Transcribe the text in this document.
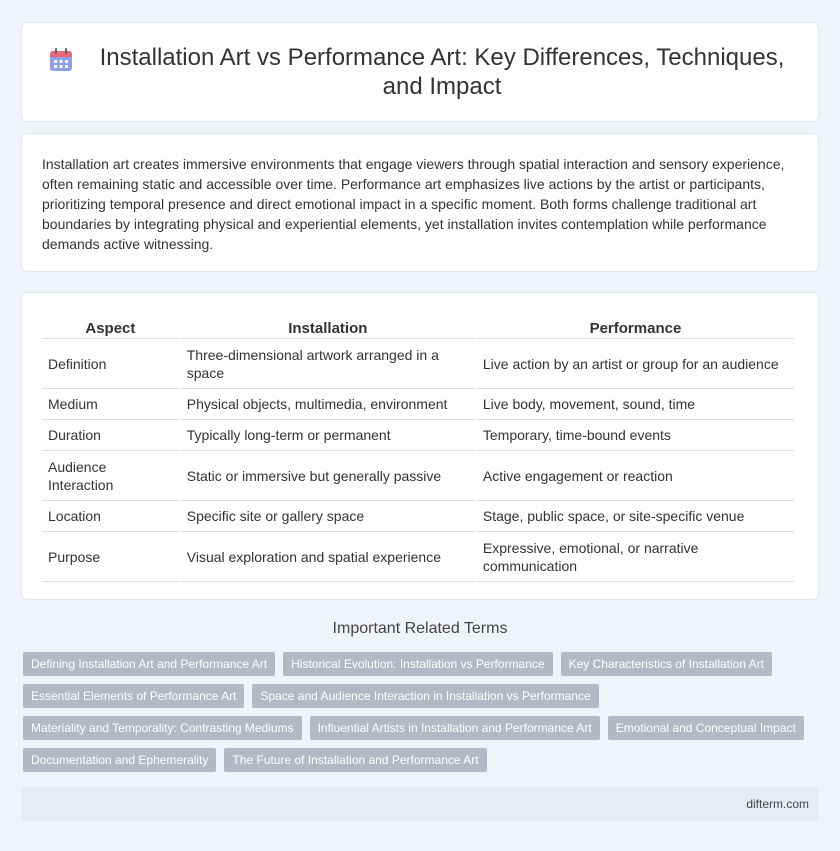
Installation Art vs Performance Art: Key Differences, Techniques, and Impact

Installation art creates immersive environments that engage viewers through spatial interaction and sensory experience, often remaining static and accessible over time. Performance art emphasizes live actions by the artist or participants, prioritizing temporal presence and direct emotional impact in a specific moment. Both forms challenge traditional art boundaries by integrating physical and experiential elements, yet installation invites contemplation while performance demands active witnessing.

Aspect	Installation	Performance
Definition	Three-dimensional artwork arranged in a space	Live action by an artist or group for an audience
Medium	Physical objects, multimedia, environment	Live body, movement, sound, time
Duration	Typically long-term or permanent	Temporary, time-bound events
Audience Interaction	Static or immersive but generally passive	Active engagement or reaction
Location	Specific site or gallery space	Stage, public space, or site-specific venue
Purpose	Visual exploration and spatial experience	Expressive, emotional, or narrative communication
Important Related Terms
Defining Installation Art and Performance Art	Historical Evolution: Installation vs Performance	Key Characteristics of Installation Art
Essential Elements of Performance Art	Space and Audience Interaction in Installation vs Performance
Materiality and Temporality: Contrasting Mediums	Influential Artists in Installation and Performance Art	Emotional and Conceptual Impact
Documentation and Ephemerality	The Future of Installation and Performance Art
difterm.com
